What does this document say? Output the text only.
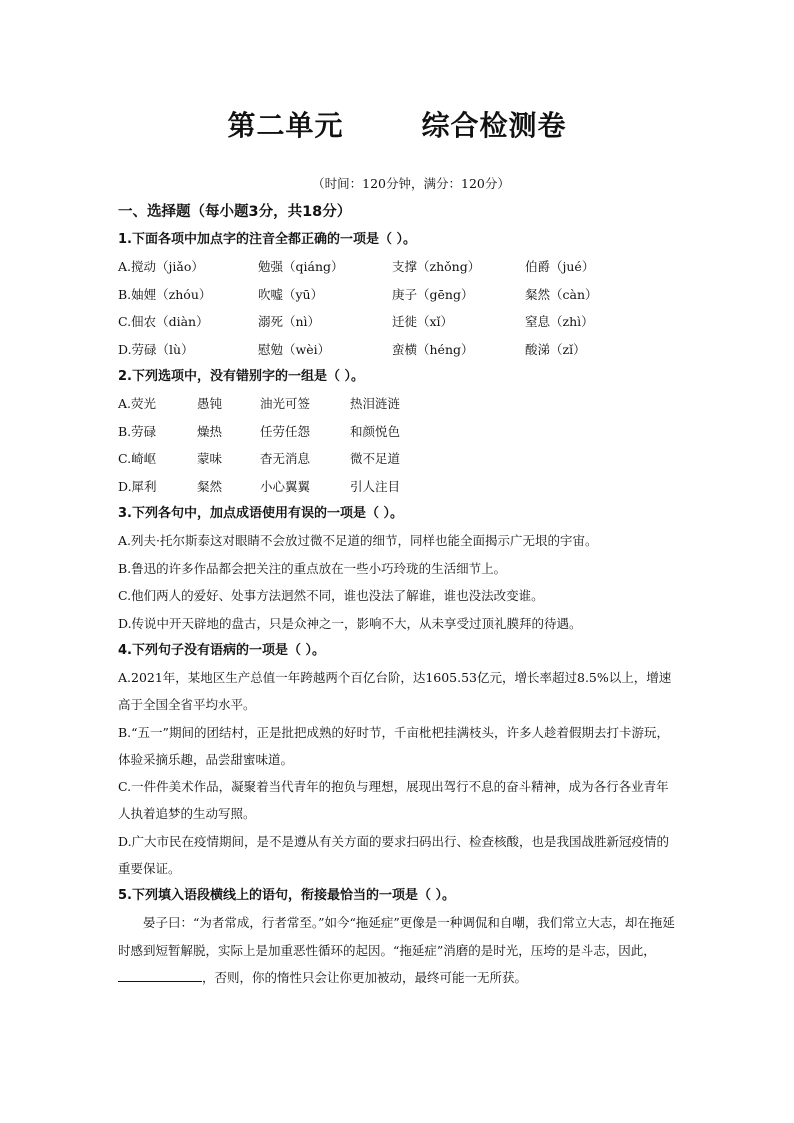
第二单元	综合检测卷
（时间：120分钟，满分：120分）
一、选择题（每小题3分，共18分）
1.下面各项中加点字的注音全都正确的一项是（ ）。
A.搅动（jiǎo）	勉强（qiáng）	支撑（zhǒng）	伯爵（jué）
B.妯娌（zhóu）	吹嘘（yū）	庚子（gēng）	粲然（càn）
C.佃农（diàn）	溺死（nì）	迁徙（xǐ）	窒息（zhì）
D.劳碌（lù）	慰勉（wèi）	蛮横（héng）	酸涕（zǐ）
2.下列选项中，没有错别字的一组是（ ）。
A.荧光	愚钝	油光可签	热泪涟涟
B.劳碌	燥热	任劳任怨	和颜悦色
C.崎岖	蒙味	杳无消息	微不足道
D.犀利	粲然	小心翼翼	引人注目
3.下列各句中，加点成语使用有误的一项是（ ）。
A.列夫·托尔斯泰这对眼睛不会放过微不足道的细节，同样也能全面揭示广无垠的宇宙。
B.鲁迅的许多作品都会把关注的重点放在一些小巧玲珑的生活细节上。
C.他们两人的爱好、处事方法迥然不同，谁也没法了解谁，谁也没法改变谁。
D.传说中开天辟地的盘古，只是众神之一，影响不大，从未享受过顶礼膜拜的待遇。
4.下列句子没有语病的一项是（ ）。
A.2021年，某地区生产总值一年跨越两个百亿台阶，达1605.53亿元，增长率超过8.5%以上，增速高于全国全省平均水平。
B.“五一”期间的团结村，正是批把成熟的好时节，千亩枇杷挂满枝头，许多人趁着假期去打卡游玩，体验采摘乐趣，品尝甜蜜味道。
C.一件件美术作品，凝聚着当代青年的抱负与理想，展现出驾行不息的奋斗精神，成为各行各业青年人执着追梦的生动写照。
D.广大市民在疫情期间，是不是遵从有关方面的要求扫码出行、检查核酸，也是我国战胜新冠疫情的重要保证。
5.下列填入语段横线上的语句，衔接最恰当的一项是（ ）。
晏子曰：“为者常成，行者常至。”如今“拖延症”更像是一种调侃和自嘲，我们常立大志，却在拖延时感到短暂解脱，实际上是加重恶性循环的起因。“拖延症”消磨的是时光，压垮的是斗志，因此，，否则，你的惰性只会让你更加被动，最终可能一无所获。
